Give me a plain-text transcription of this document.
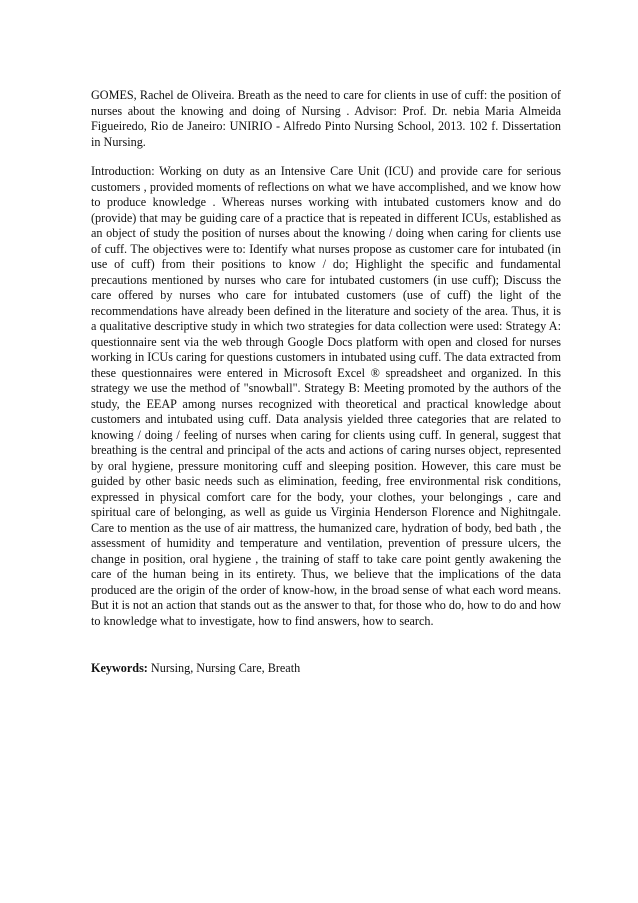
GOMES, Rachel de Oliveira. Breath as the need to care for clients in use of cuff: the position of nurses about the knowing and doing of Nursing . Advisor: Prof. Dr. nebia Maria Almeida Figueiredo, Rio de Janeiro: UNIRIO - Alfredo Pinto Nursing School, 2013. 102 f. Dissertation in Nursing.

Introduction: Working on duty as an Intensive Care Unit (ICU) and provide care for serious customers , provided moments of reflections on what we have accomplished, and we know how to produce knowledge . Whereas nurses working with intubated customers know and do (provide) that may be guiding care of a practice that is repeated in different ICUs, established as an object of study the position of nurses about the knowing / doing when caring for clients use of cuff. The objectives were to: Identify what nurses propose as customer care for intubated (in use of cuff) from their positions to know / do; Highlight the specific and fundamental precautions mentioned by nurses who care for intubated customers (in use cuff); Discuss the care offered by nurses who care for intubated customers (use of cuff) the light of the recommendations have already been defined in the literature and society of the area. Thus, it is a qualitative descriptive study in which two strategies for data collection were used: Strategy A: questionnaire sent via the web through Google Docs platform with open and closed for nurses working in ICUs caring for questions customers in intubated using cuff. The data extracted from these questionnaires were entered in Microsoft Excel ® spreadsheet and organized. In this strategy we use the method of "snowball". Strategy B: Meeting promoted by the authors of the study, the EEAP among nurses recognized with theoretical and practical knowledge about customers and intubated using cuff. Data analysis yielded three categories that are related to knowing / doing / feeling of nurses when caring for clients using cuff. In general, suggest that breathing is the central and principal of the acts and actions of caring nurses object, represented by oral hygiene, pressure monitoring cuff and sleeping position. However, this care must be guided by other basic needs such as elimination, feeding, free environmental risk conditions, expressed in physical comfort care for the body, your clothes, your belongings , care and spiritual care of belonging, as well as guide us Virginia Henderson Florence and Nighitngale. Care to mention as the use of air mattress, the humanized care, hydration of body, bed bath , the assessment of humidity and temperature and ventilation, prevention of pressure ulcers, the change in position, oral hygiene , the training of staff to take care point gently awakening the care of the human being in its entirety. Thus, we believe that the implications of the data produced are the origin of the order of know-how, in the broad sense of what each word means. But it is not an action that stands out as the answer to that, for those who do, how to do and how to knowledge what to investigate, how to find answers, how to search.

Keywords: Nursing, Nursing Care, Breath
